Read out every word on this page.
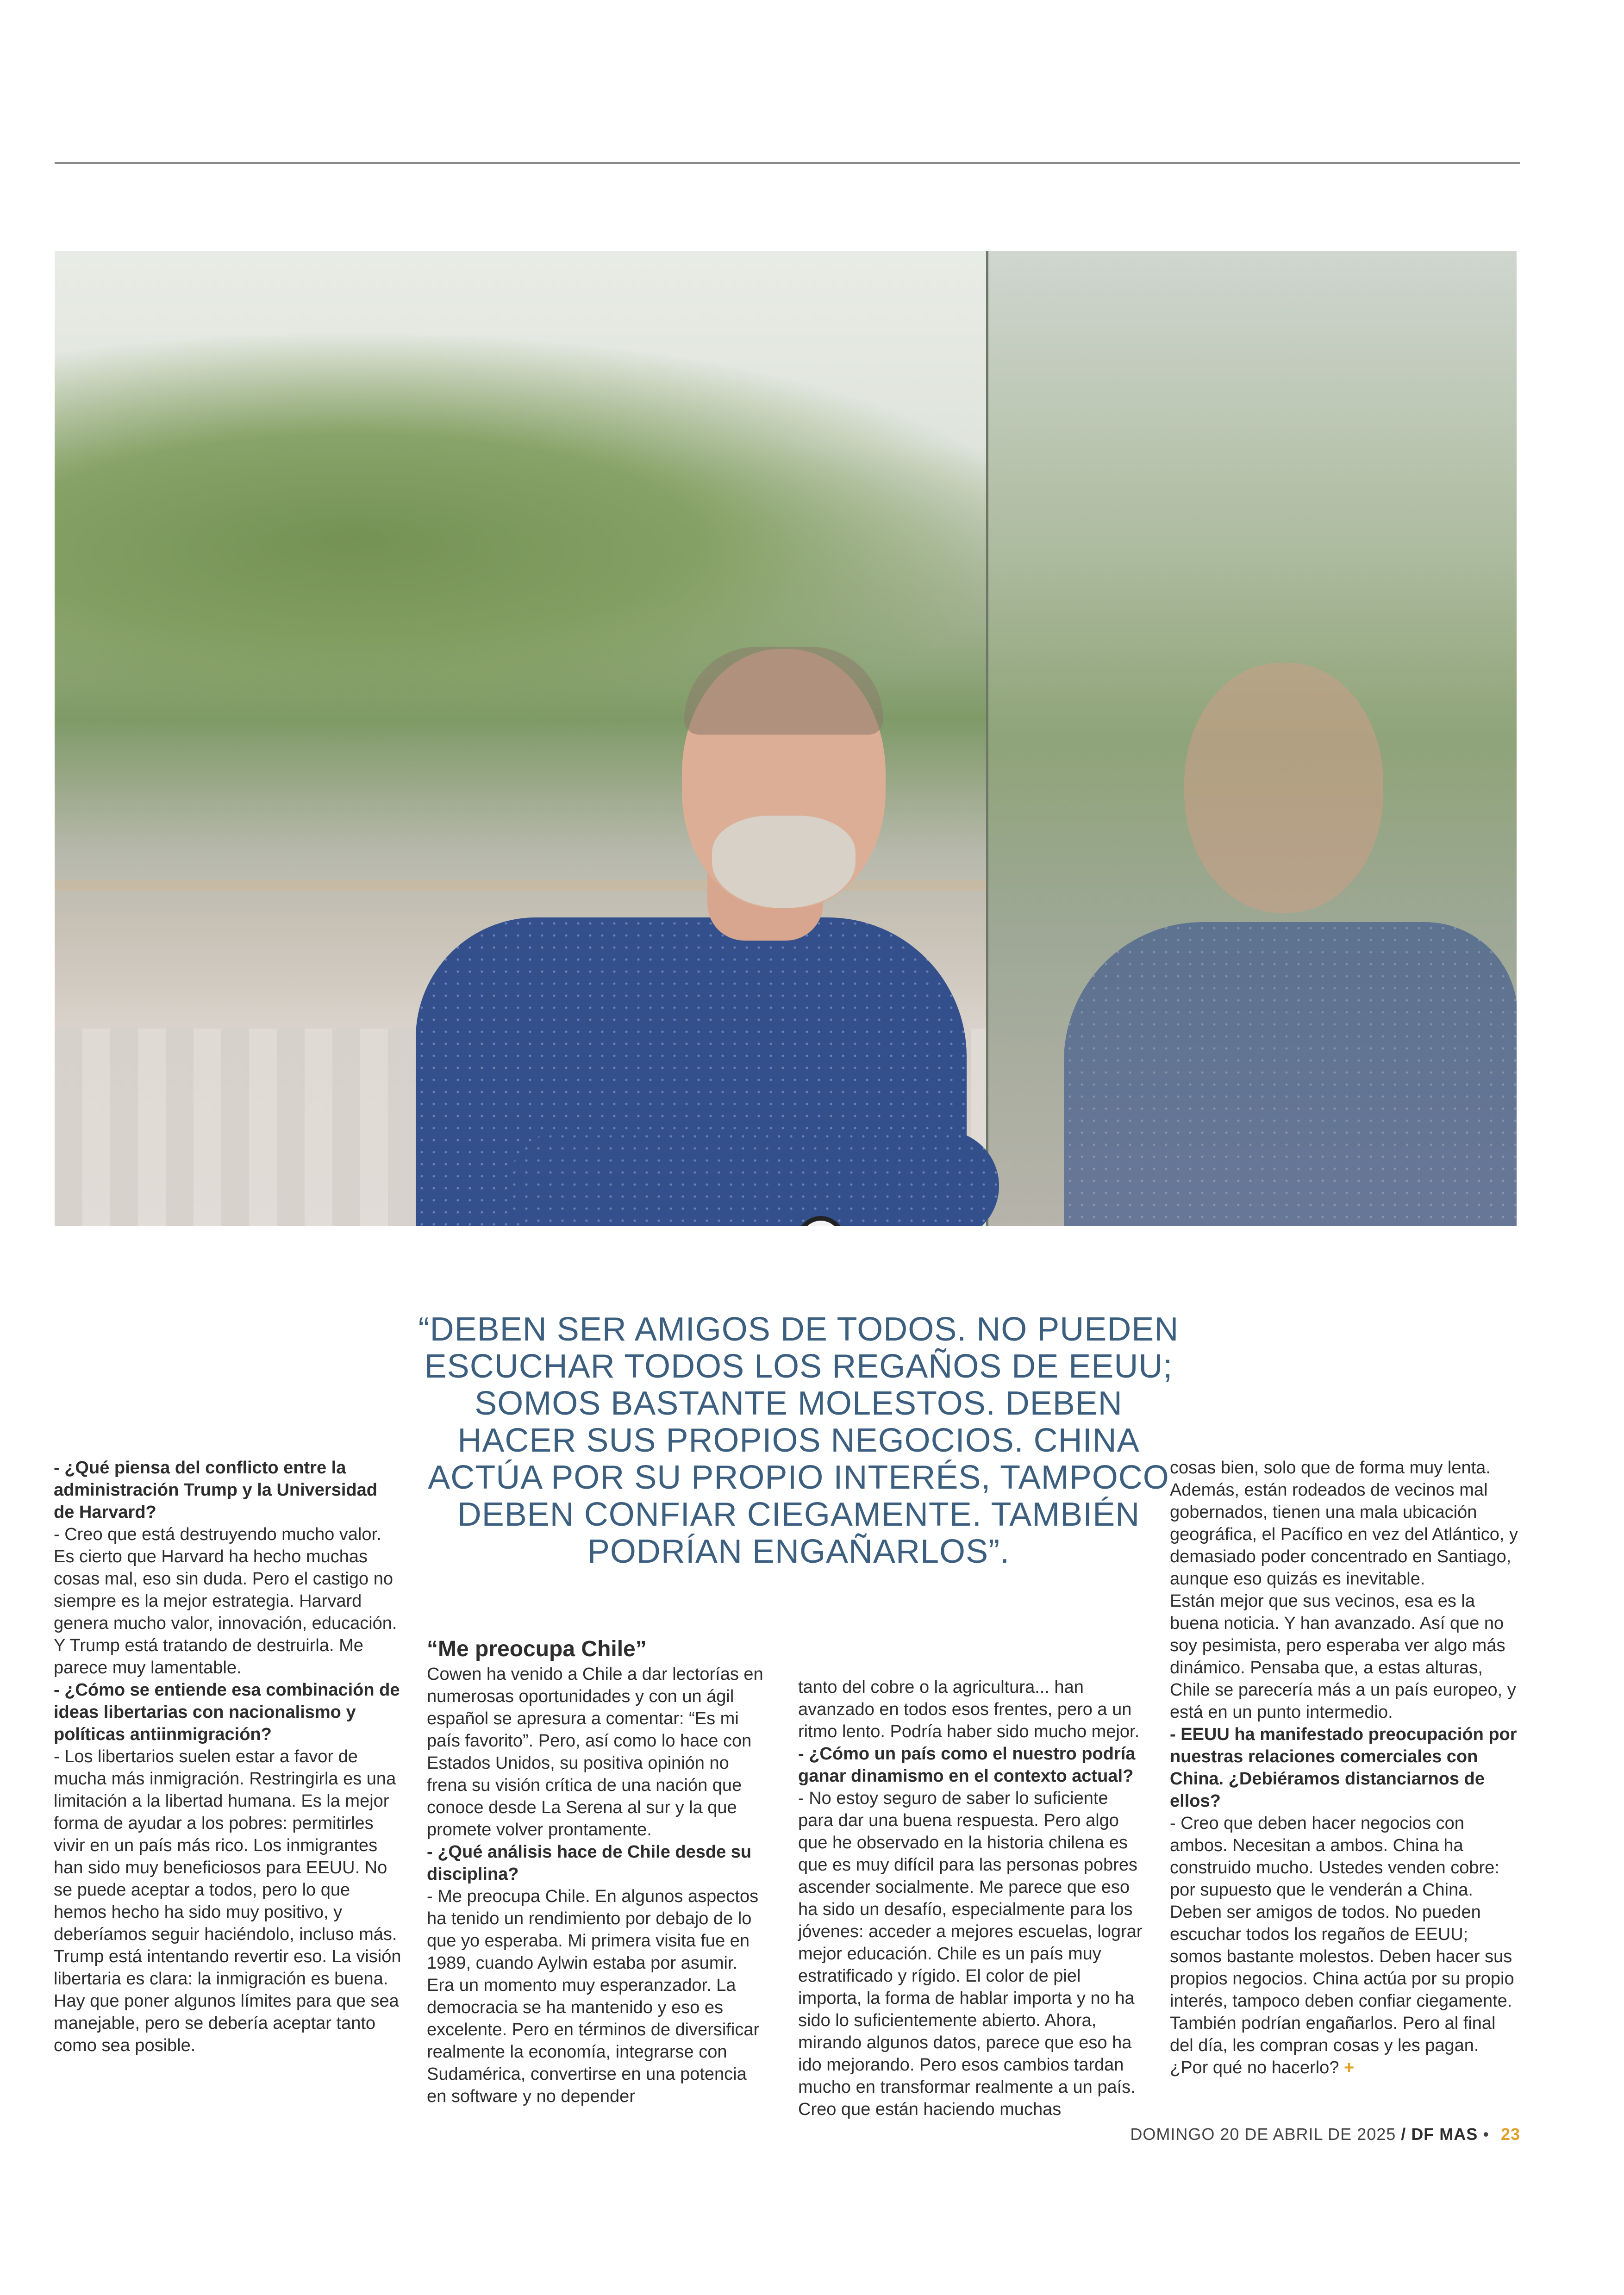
“DEBEN SER AMIGOS DE TODOS. NO PUEDEN ESCUCHAR TODOS LOS REGAÑOS DE EEUU; SOMOS BASTANTE MOLESTOS. DEBEN HACER SUS PROPIOS NEGOCIOS. CHINA ACTÚA POR SU PROPIO INTERÉS, TAMPOCO DEBEN CONFIAR CIEGAMENTE. TAMBIÉN PODRÍAN ENGAÑARLOS”.

- ¿Qué piensa del conflicto entre la administración Trump y la Universidad de Harvard?

- Creo que está destruyendo mucho valor. Es cierto que Harvard ha hecho muchas cosas mal, eso sin duda. Pero el castigo no siempre es la mejor estrategia. Harvard genera mucho valor, innovación, educación. Y Trump está tratando de destruirla. Me parece muy lamentable.

- ¿Cómo se entiende esa combinación de ideas libertarias con nacionalismo y políticas antiinmigración?

- Los libertarios suelen estar a favor de mucha más inmigración. Restringirla es una limitación a la libertad humana. Es la mejor forma de ayudar a los pobres: permitirles vivir en un país más rico. Los inmigrantes han sido muy beneficiosos para EEUU. No se puede aceptar a todos, pero lo que hemos hecho ha sido muy positivo, y deberíamos seguir haciéndolo, incluso más. Trump está intentando revertir eso. La visión libertaria es clara: la inmigración es buena. Hay que poner algunos límites para que sea manejable, pero se debería aceptar tanto como sea posible.

“Me preocupa Chile”

Cowen ha venido a Chile a dar lectorías en numerosas oportunidades y con un ágil español se apresura a comentar: “Es mi país favorito”. Pero, así como lo hace con Estados Unidos, su positiva opinión no frena su visión crítica de una nación que conoce desde La Serena al sur y la que promete volver prontamente.

- ¿Qué análisis hace de Chile desde su disciplina?

- Me preocupa Chile. En algunos aspectos ha tenido un rendimiento por debajo de lo que yo esperaba. Mi primera visita fue en 1989, cuando Aylwin estaba por asumir. Era un momento muy esperanzador. La democracia se ha mantenido y eso es excelente. Pero en términos de diversificar realmente la economía, integrarse con Sudamérica, convertirse en una potencia en software y no depender

tanto del cobre o la agricultura... han avanzado en todos esos frentes, pero a un ritmo lento. Podría haber sido mucho mejor.

- ¿Cómo un país como el nuestro podría ganar dinamismo en el contexto actual?

- No estoy seguro de saber lo suficiente para dar una buena respuesta. Pero algo que he observado en la historia chilena es que es muy difícil para las personas pobres ascender socialmente. Me parece que eso ha sido un desafío, especialmente para los jóvenes: acceder a mejores escuelas, lograr mejor educación. Chile es un país muy estratificado y rígido. El color de piel importa, la forma de hablar importa y no ha sido lo suficientemente abierto. Ahora, mirando algunos datos, parece que eso ha ido mejorando. Pero esos cambios tardan mucho en transformar realmente a un país.

Creo que están haciendo muchas

cosas bien, solo que de forma muy lenta. Además, están rodeados de vecinos mal gobernados, tienen una mala ubicación geográfica, el Pacífico en vez del Atlántico, y demasiado poder concentrado en Santiago, aunque eso quizás es inevitable.

Están mejor que sus vecinos, esa es la buena noticia. Y han avanzado. Así que no soy pesimista, pero esperaba ver algo más dinámico. Pensaba que, a estas alturas, Chile se parecería más a un país europeo, y está en un punto intermedio.

- EEUU ha manifestado preocupación por nuestras relaciones comerciales con China. ¿Debiéramos distanciarnos de ellos?

- Creo que deben hacer negocios con ambos. Necesitan a ambos. China ha construido mucho. Ustedes venden cobre: por supuesto que le venderán a China. Deben ser amigos de todos. No pueden escuchar todos los regaños de EEUU; somos bastante molestos. Deben hacer sus propios negocios. China actúa por su propio interés, tampoco deben confiar ciegamente. También podrían engañarlos. Pero al final del día, les compran cosas y les pagan. ¿Por qué no hacerlo? +

DOMINGO 20 DE ABRIL DE 2025 / DF MAS • 23
